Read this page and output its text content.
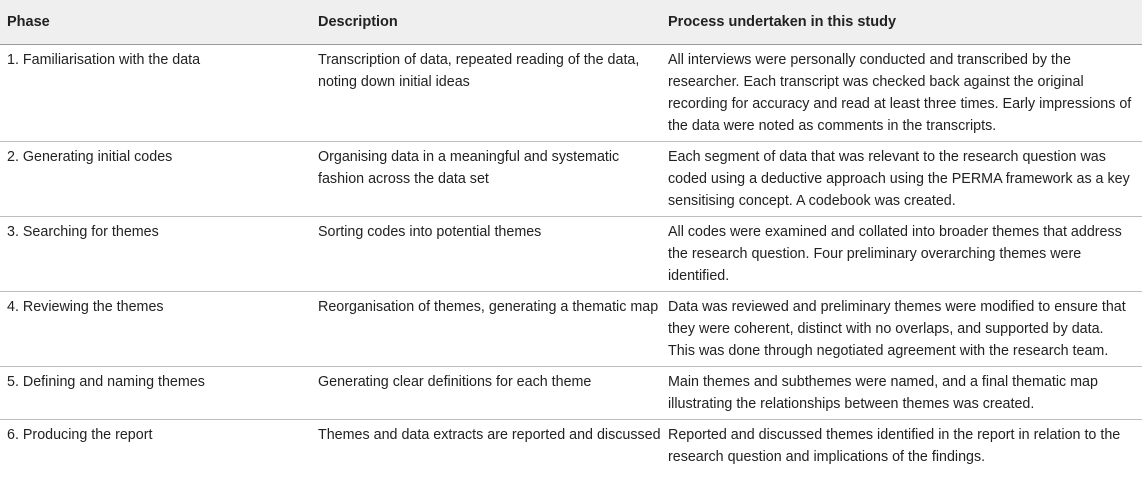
Phase	Description	Process undertaken in this study
1. Familiarisation with the data	Transcription of data, repeated reading of the data, noting down initial ideas	All interviews were personally conducted and transcribed by the researcher. Each transcript was checked back against the original recording for accuracy and read at least three times. Early impressions of the data were noted as comments in the transcripts.
2. Generating initial codes	Organising data in a meaningful and systematic fashion across the data set	Each segment of data that was relevant to the research question was coded using a deductive approach using the PERMA framework as a key sensitising concept. A codebook was created.
3. Searching for themes	Sorting codes into potential themes	All codes were examined and collated into broader themes that address the research question. Four preliminary overarching themes were identified.
4. Reviewing the themes	Reorganisation of themes, generating a thematic map	Data was reviewed and preliminary themes were modified to ensure that they were coherent, distinct with no overlaps, and supported by data. This was done through negotiated agreement with the research team.
5. Defining and naming themes	Generating clear definitions for each theme	Main themes and subthemes were named, and a final thematic map illustrating the relationships between themes was created.
6. Producing the report	Themes and data extracts are reported and discussed	Reported and discussed themes identified in the report in relation to the research question and implications of the findings.
